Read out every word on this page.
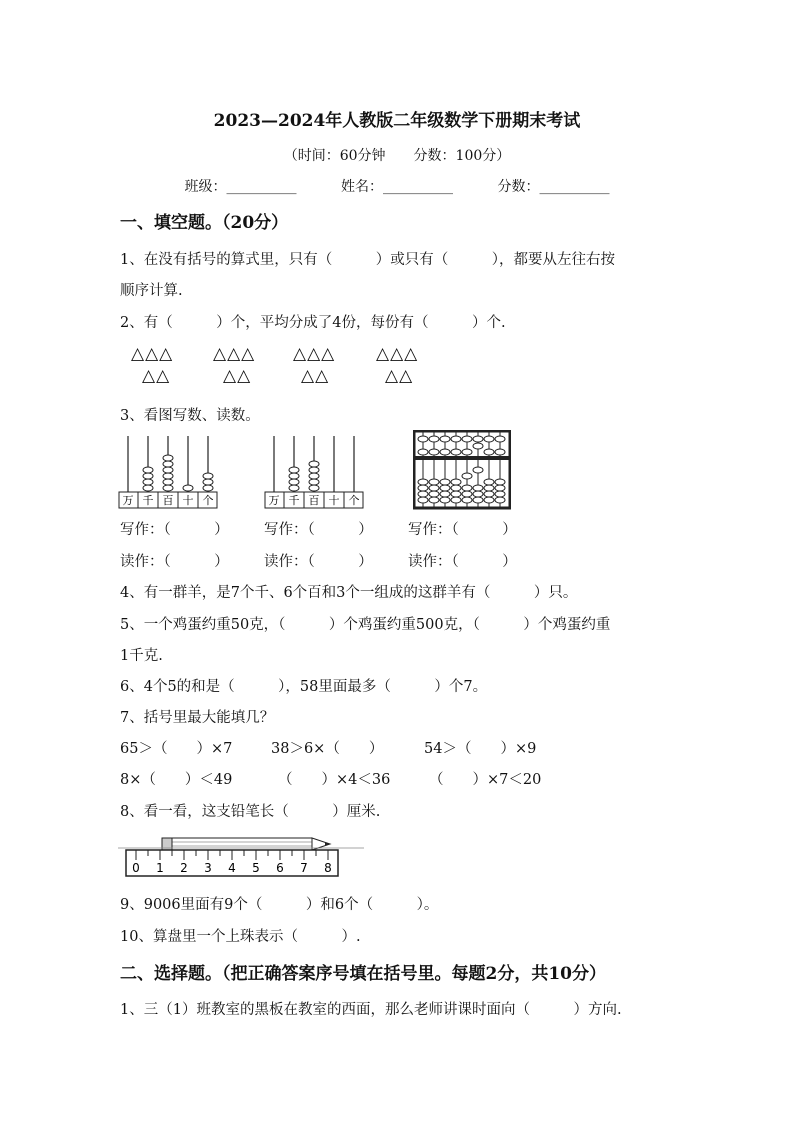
2023—2024年人教版二年级数学下册期末考试
（时间：60分钟　　分数：100分）
班级：__________	姓名：__________	分数：__________
一、填空题。（20分）
1、在没有括号的算式里，只有（　　　）或只有（　　　），都要从左往右按
顺序计算.
2、有（　　　）个，平均分成了4份，每份有（　　　）个.
△△△
△△
△△△
△△
△△△
△△
△△△
△△
3、看图写数、读数。
万 千 百 十 个	万 千 百 十 个
写作：（　　　） 写作：（　　　） 写作：（　　　）
读作：（　　　） 读作：（　　　） 读作：（　　　）
4、有一群羊，是7个千、6个百和3个一组成的这群羊有（　　　）只。
5、一个鸡蛋约重50克，（　　　）个鸡蛋约重500克，（　　　）个鸡蛋约重
1千克.
6、4个5的和是（　　　），58里面最多（　　　）个7。
7、括号里最大能填几？
65＞（　　）×7	38＞6×（　　）	54＞（　　）×9
8×（　　）＜49	（　　）×4＜36	（　　）×7＜20
8、看一看，这支铅笔长（　　　）厘米.
0 1 2 3 4 5 6 7 8
9、9006里面有9个（　　　）和6个（　　　）。
10、算盘里一个上珠表示（　　　）.
二、选择题。（把正确答案序号填在括号里。每题2分，共10分）
1、三（1）班教室的黑板在教室的西面，那么老师讲课时面向（　　　）方向.
